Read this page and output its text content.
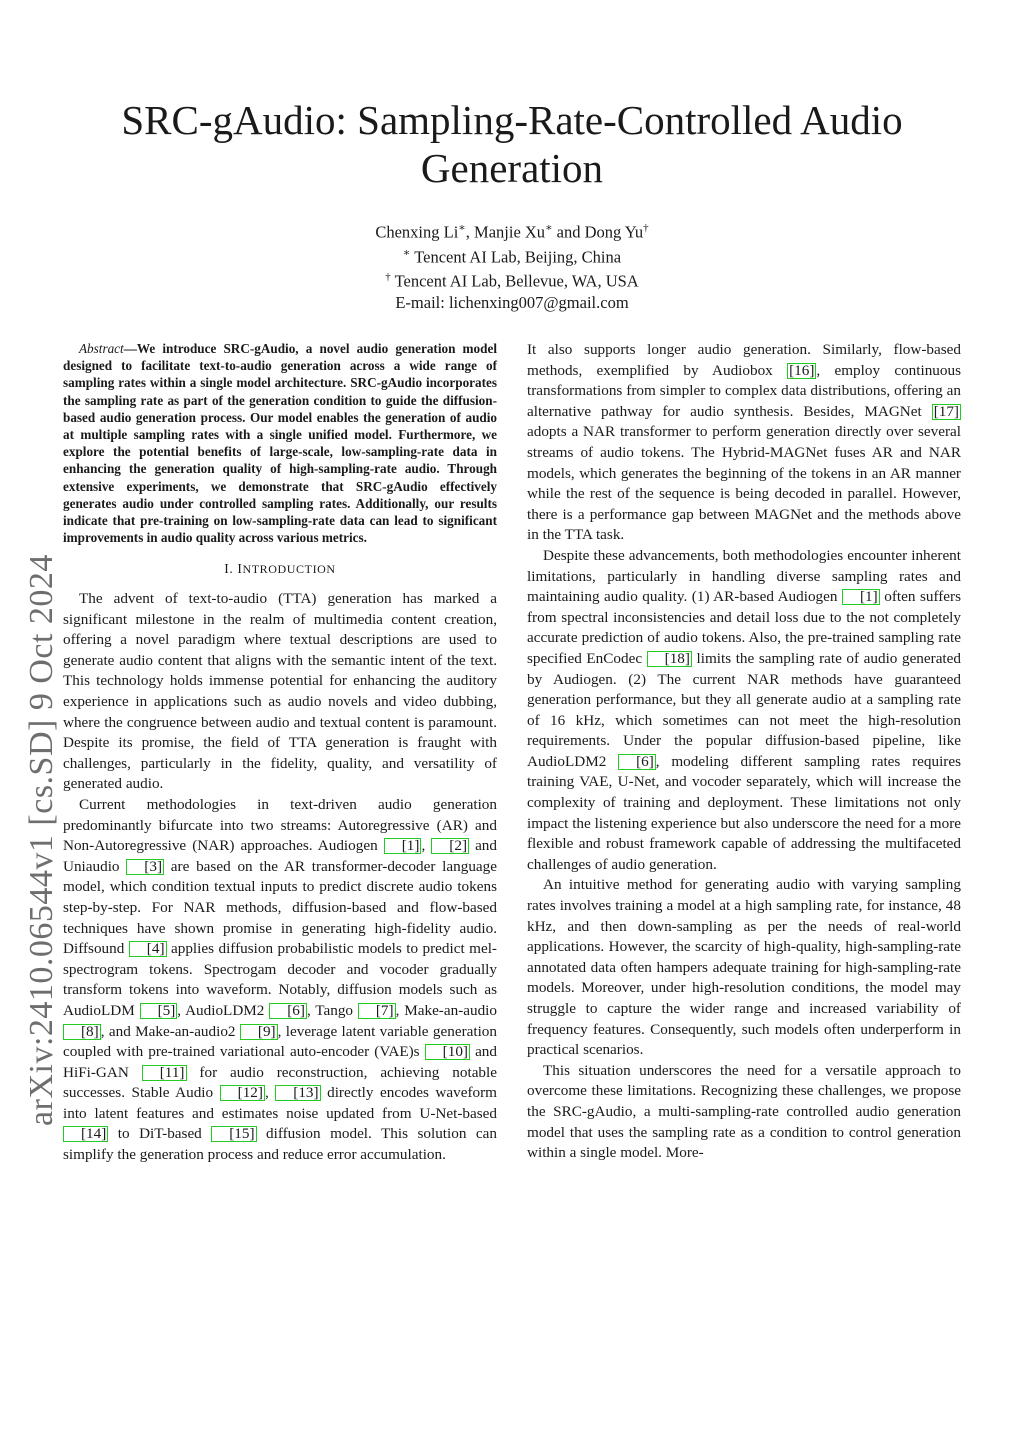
arXiv:2410.06544v1 [cs.SD] 9 Oct 2024
SRC-gAudio: Sampling-Rate-Controlled Audio
Generation
Chenxing Li∗, Manjie Xu∗ and Dong Yu†
∗ Tencent AI Lab, Beijing, China
† Tencent AI Lab, Bellevue, WA, USA
E-mail: lichenxing007@gmail.com

Abstract—We introduce SRC-gAudio, a novel audio generation model designed to facilitate text-to-audio generation across a wide range of sampling rates within a single model architecture. SRC-gAudio incorporates the sampling rate as part of the generation condition to guide the diffusion-based audio generation process. Our model enables the generation of audio at multiple sampling rates with a single unified model. Furthermore, we explore the potential benefits of large-scale, low-sampling-rate data in enhancing the generation quality of high-sampling-rate audio. Through extensive experiments, we demonstrate that SRC-gAudio effectively generates audio under controlled sampling rates. Additionally, our results indicate that pre-training on low-sampling-rate data can lead to significant improvements in audio quality across various metrics.

I. INTRODUCTION

The advent of text-to-audio (TTA) generation has marked a significant milestone in the realm of multimedia content creation, offering a novel paradigm where textual descriptions are used to generate audio content that aligns with the semantic intent of the text. This technology holds immense potential for enhancing the auditory experience in applications such as audio novels and video dubbing, where the congruence between audio and textual content is paramount. Despite its promise, the field of TTA generation is fraught with challenges, particularly in the fidelity, quality, and versatility of generated audio.

Current methodologies in text-driven audio generation predominantly bifurcate into two streams: Autoregressive (AR) and Non-Autoregressive (NAR) approaches. Audiogen [1] , [2] and Uniaudio [3] are based on the AR transformer-decoder language model, which condition textual inputs to predict discrete audio tokens step-by-step. For NAR methods, diffusion-based and flow-based techniques have shown promise in generating high-fidelity audio. Diffsound [4] applies diffusion probabilistic models to predict mel-spectrogram tokens. Spectrogam decoder and vocoder gradually transform tokens into waveform. Notably, diffusion models such as AudioLDM [5] , AudioLDM2 [6] , Tango [7] , Make-an-audio [8] , and Make-an-audio2 [9] , leverage latent variable generation coupled with pre-trained variational auto-encoder (VAE)s [10] and HiFi-GAN [11] for audio reconstruction, achieving notable successes. Stable Audio [12] , [13] directly encodes waveform into latent features and estimates noise updated from U-Net-based [14] to DiT-based [15] diffusion model. This solution can simplify the generation process and reduce error accumulation.

It also supports longer audio generation. Similarly, flow-based methods, exemplified by Audiobox [16] , employ continuous transformations from simpler to complex data distributions, offering an alternative pathway for audio synthesis. Besides, MAGNet [17] adopts a NAR transformer to perform generation directly over several streams of audio tokens. The Hybrid-MAGNet fuses AR and NAR models, which generates the beginning of the tokens in an AR manner while the rest of the sequence is being decoded in parallel. However, there is a performance gap between MAGNet and the methods above in the TTA task.

Despite these advancements, both methodologies encounter inherent limitations, particularly in handling diverse sampling rates and maintaining audio quality. (1) AR-based Audiogen [1] often suffers from spectral inconsistencies and detail loss due to the not completely accurate prediction of audio tokens. Also, the pre-trained sampling rate specified EnCodec [18] limits the sampling rate of audio generated by Audiogen. (2) The current NAR methods have guaranteed generation performance, but they all generate audio at a sampling rate of 16 kHz, which sometimes can not meet the high-resolution requirements. Under the popular diffusion-based pipeline, like AudioLDM2 [6] , modeling different sampling rates requires training VAE, U-Net, and vocoder separately, which will increase the complexity of training and deployment. These limitations not only impact the listening experience but also underscore the need for a more flexible and robust framework capable of addressing the multifaceted challenges of audio generation.

An intuitive method for generating audio with varying sampling rates involves training a model at a high sampling rate, for instance, 48 kHz, and then down-sampling as per the needs of real-world applications. However, the scarcity of high-quality, high-sampling-rate annotated data often hampers adequate training for high-sampling-rate models. Moreover, under high-resolution conditions, the model may struggle to capture the wider range and increased variability of frequency features. Consequently, such models often underperform in practical scenarios.

This situation underscores the need for a versatile approach to overcome these limitations. Recognizing these challenges, we propose the SRC-gAudio, a multi-sampling-rate controlled audio generation model that uses the sampling rate as a condition to control generation within a single model. More-
